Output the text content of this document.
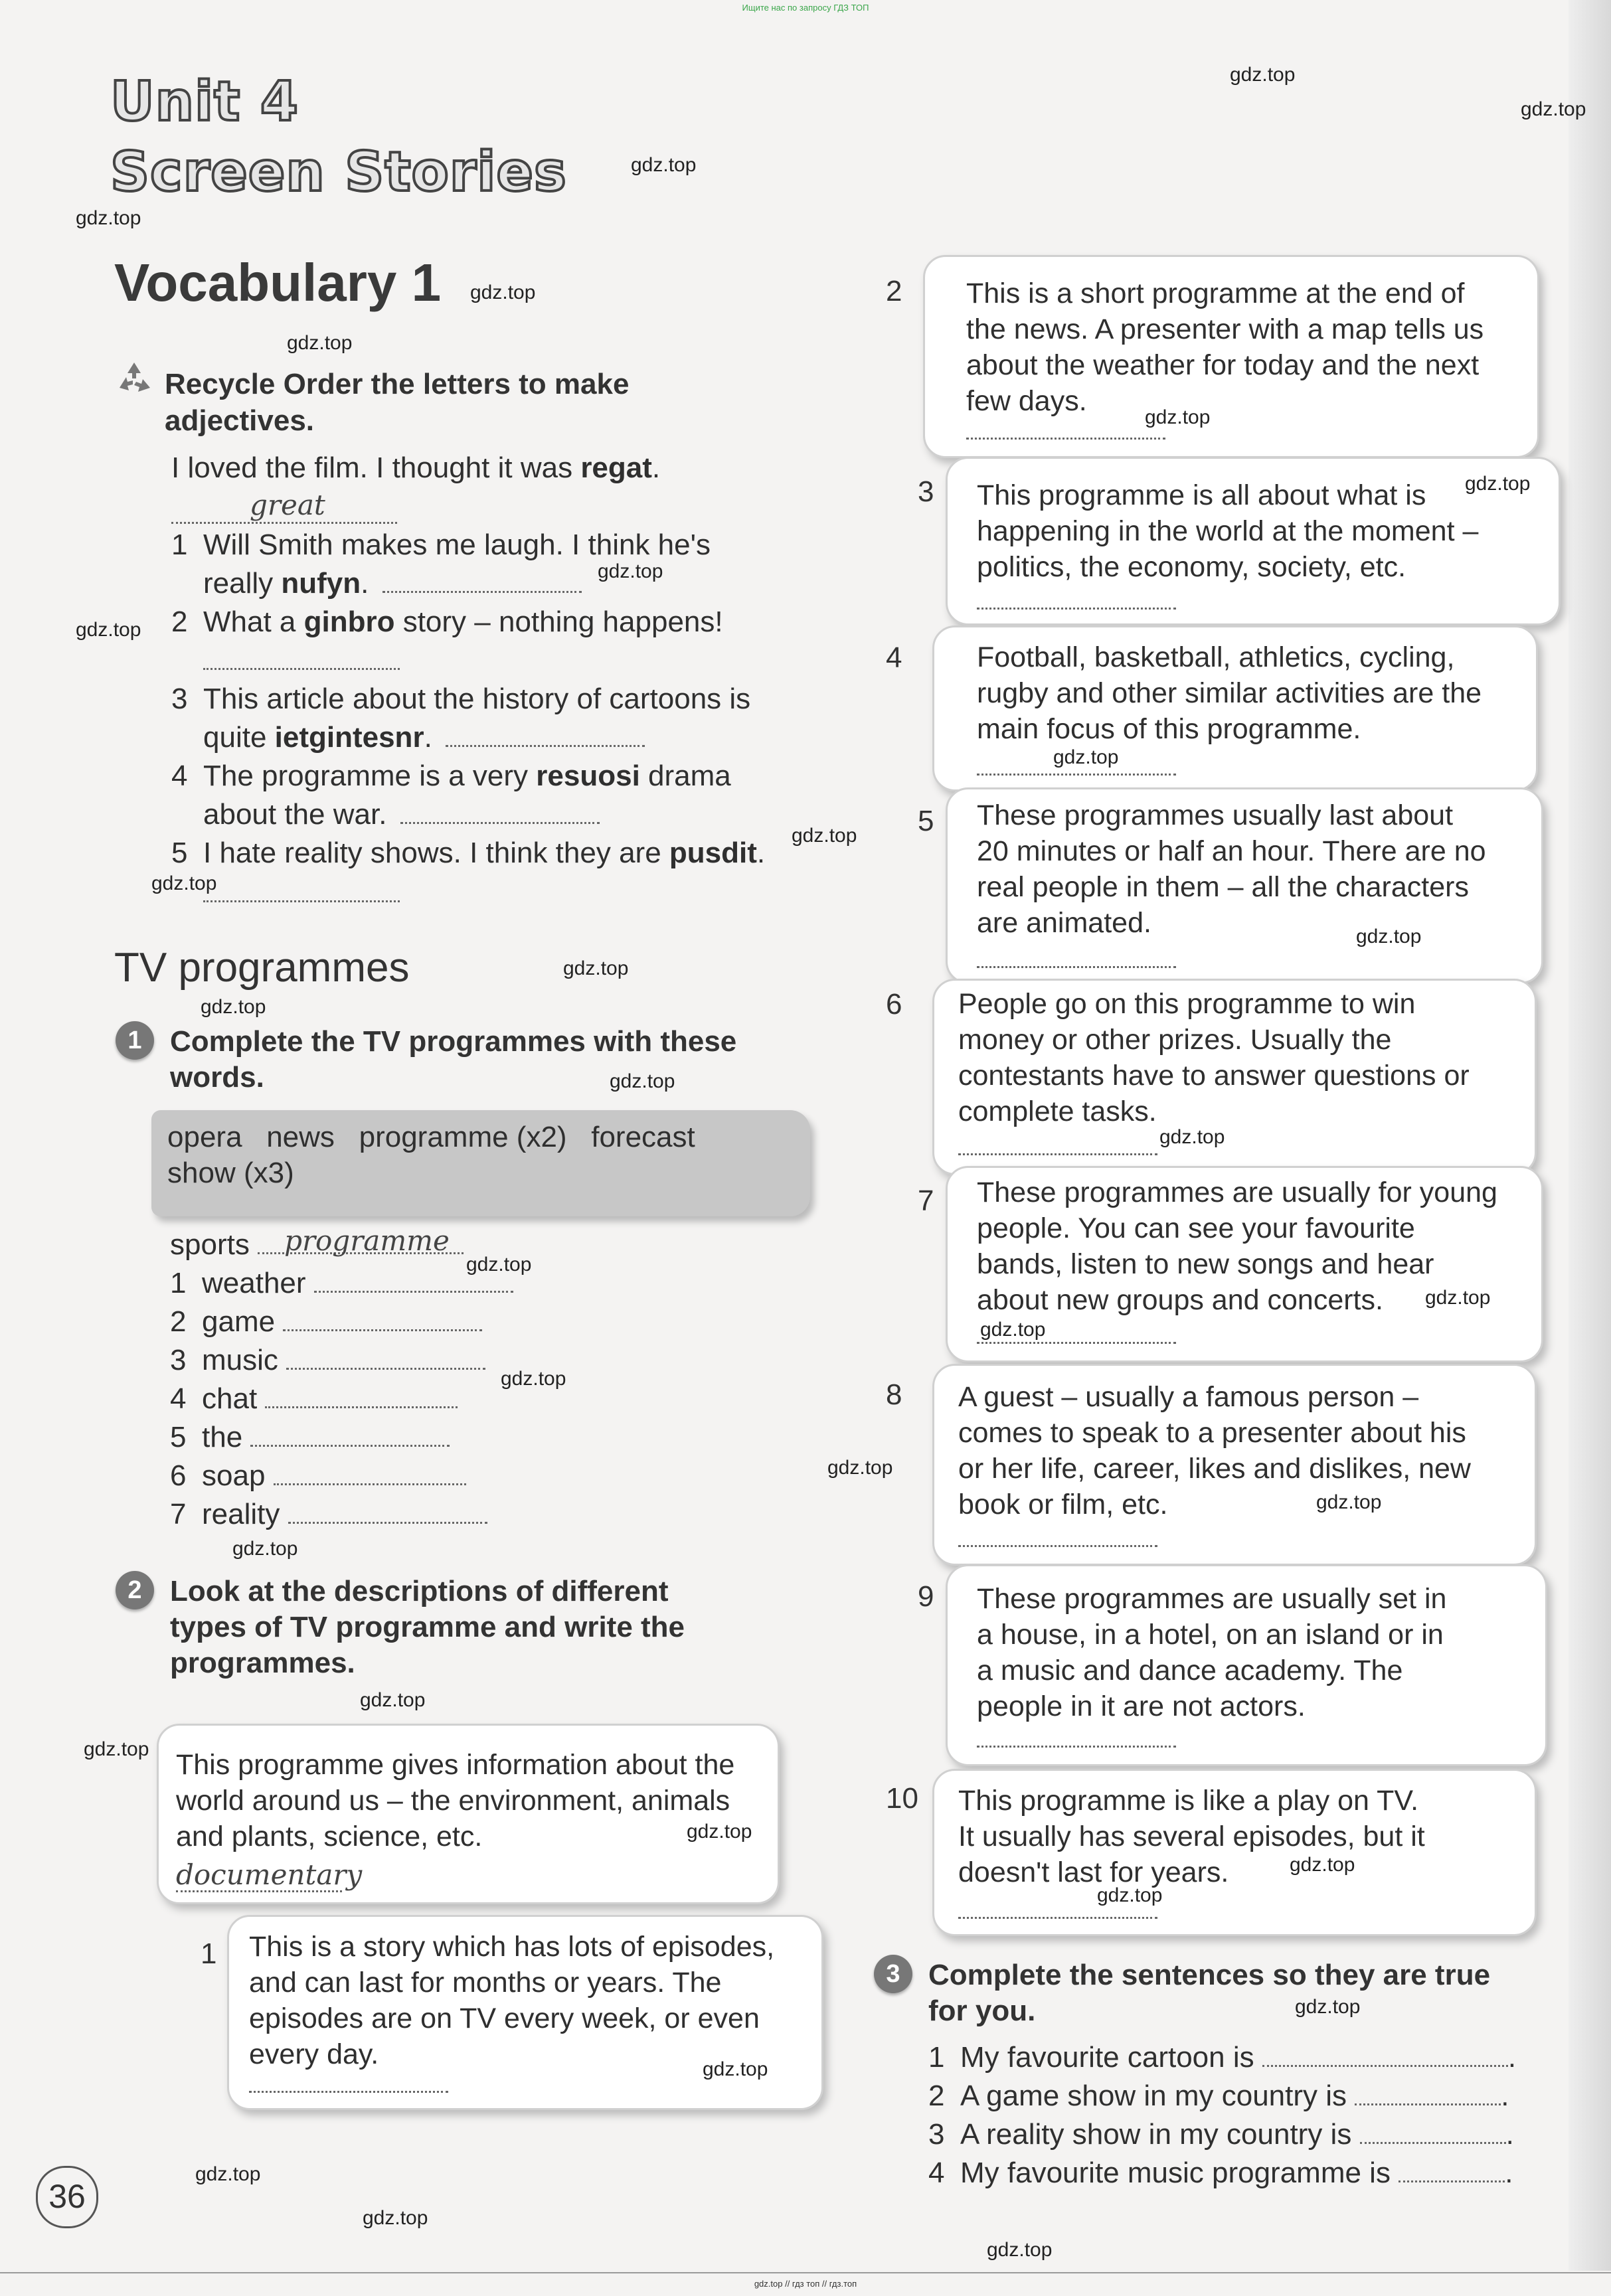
Ищите нас по запросу ГДЗ ТОП
gdz.top // гдз топ // гдз.топ
Unit 4
Screen Stories
Vocabulary 1
Recycle Order the letters to make
adjectives.
I loved the film. I thought it was regat.
great
1 Will Smith makes me laugh. I think he's
really nufyn.
2 What a ginbro story – nothing happens!
3 This article about the history of cartoons is
quite ietgintesnr.
4 The programme is a very resuosi drama
about the war.
5 I hate reality shows. I think they are pusdit.
TV programmes
1 Complete the TV programmes with these
words.
opera   news   programme (x2)   forecast
show (x3)
sports programme
1 weather
2 game
3 music
4 chat
5 the
6 soap
7 reality
2 Look at the descriptions of different
types of TV programme and write the
programmes.
This programme gives information about the
world around us – the environment, animals
and plants, science, etc.
documentary
1 This is a story which has lots of episodes,
and can last for months or years. The
episodes are on TV every week, or even
every day.
2 This is a short programme at the end of
the news. A presenter with a map tells us
about the weather for today and the next
few days.
3 This programme is all about what is
happening in the world at the moment –
politics, the economy, society, etc.
4	Football, basketball, athletics, cycling,
rugby and other similar activities are the
main focus of this programme.
5 These programmes usually last about
20 minutes or half an hour. There are no
real people in them – all the characters
are animated.
6 People go on this programme to win
money or other prizes. Usually the
contestants have to answer questions or
complete tasks.
7 These programmes are usually for young
people. You can see your favourite
bands, listen to new songs and hear
about new groups and concerts.
8 A guest – usually a famous person –
comes to speak to a presenter about his
or her life, career, likes and dislikes, new
book or film, etc.
9 These programmes are usually set in
a house, in a hotel, on an island or in
a music and dance academy. The
people in it are not actors.
10 This programme is like a play on TV.
It usually has several episodes, but it
doesn't last for years.
3 Complete the sentences so they are true
for you.
1 My favourite cartoon is	.
2 A game show in my country is	.
3 A reality show in my country is	.
4 My favourite music programme is	.
36
gdz.top
gdz.top
gdz.top
gdz.top
gdz.top
gdz.top
gdz.top
gdz.top
gdz.top
gdz.top
gdz.top
gdz.top
gdz.top
gdz.top
gdz.top
gdz.top
gdz.top
gdz.top
gdz.top
gdz.top
gdz.top
gdz.top
gdz.top
gdz.top
gdz.top
gdz.top
gdz.top
gdz.top
gdz.top
gdz.top
gdz.top
gdz.top
gdz.top
gdz.top
gdz.top
